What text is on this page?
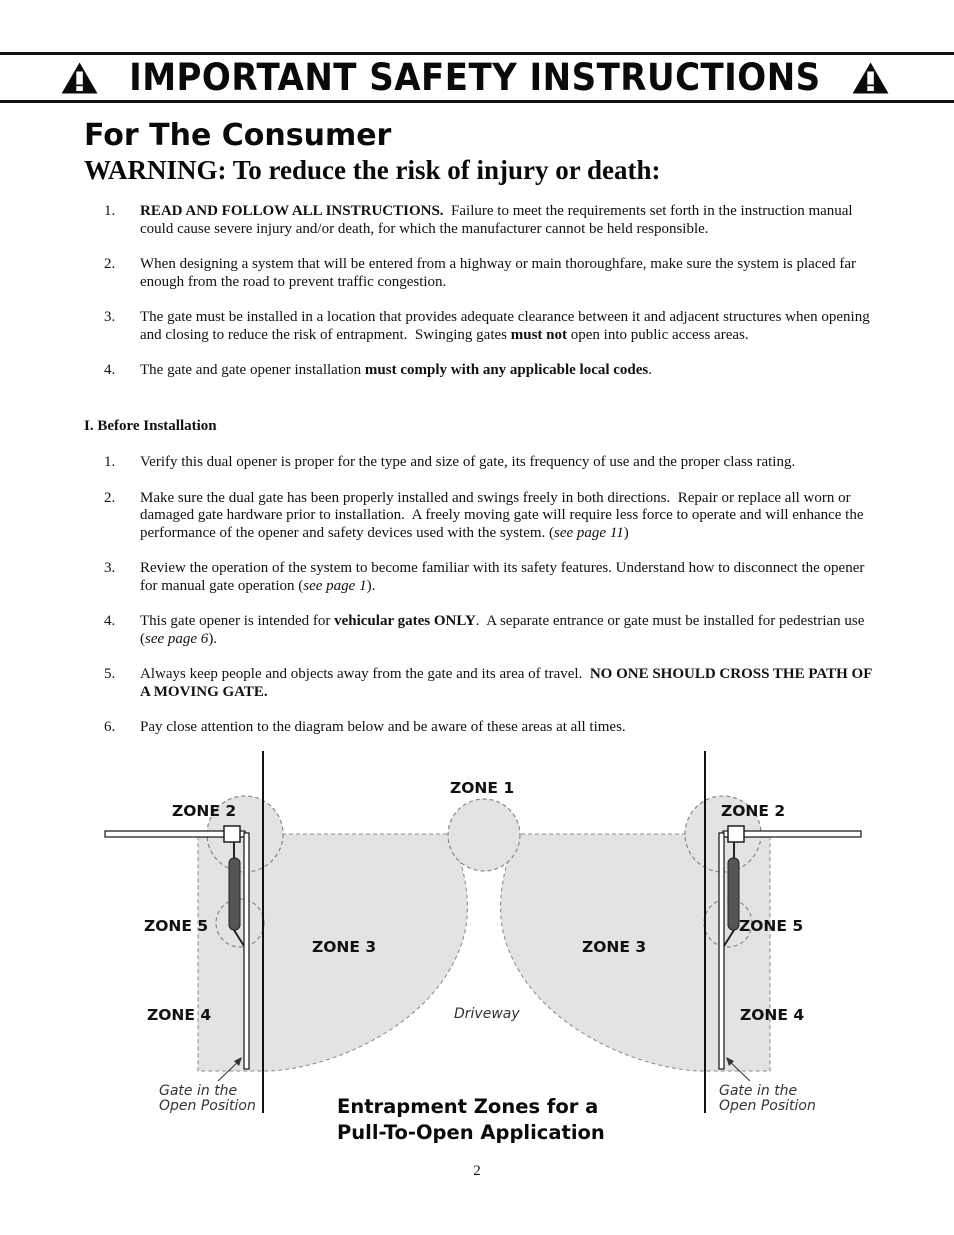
IMPORTANT SAFETY INSTRUCTIONS
For The Consumer
WARNING: To reduce the risk of injury or death:
1. READ AND FOLLOW ALL INSTRUCTIONS.  Failure to meet the requirements set forth in the instruction manual could cause severe injury and/or death, for which the manufacturer cannot be held responsible.
2. When designing a system that will be entered from a highway or main thoroughfare, make sure the system is placed far enough from the road to prevent traffic congestion.
3. The gate must be installed in a location that provides adequate clearance between it and adjacent structures when opening and closing to reduce the risk of entrapment.  Swinging gates must not open into public access areas.
4. The gate and gate opener installation must comply with any applicable local codes.
I. Before Installation
1. Verify this dual opener is proper for the type and size of gate, its frequency of use and the proper class rating.
2. Make sure the dual gate has been properly installed and swings freely in both directions.  Repair or replace all worn or damaged gate hardware prior to installation.  A freely moving gate will require less force to operate and will enhance the performance of the opener and safety devices used with the system. (see page 11)
3. Review the operation of the system to become familiar with its safety features. Understand how to disconnect the opener for manual gate operation (see page 1).
4. This gate opener is intended for vehicular gates ONLY.  A separate entrance or gate must be installed for pedestrian use (see page 6).
5. Always keep people and objects away from the gate and its area of travel.  NO ONE SHOULD CROSS THE PATH OF A MOVING GATE.
6. Pay close attention to the diagram below and be aware of these areas at all times.
ZONE 1
ZONE 2	ZONE 2
ZONE 5	ZONE 5
ZONE 3	ZONE 3
ZONE 4	ZONE 4
Driveway
Gate in the
Open Position
Gate in the
Open Position
Entrapment Zones for a
Pull-To-Open Application
2
